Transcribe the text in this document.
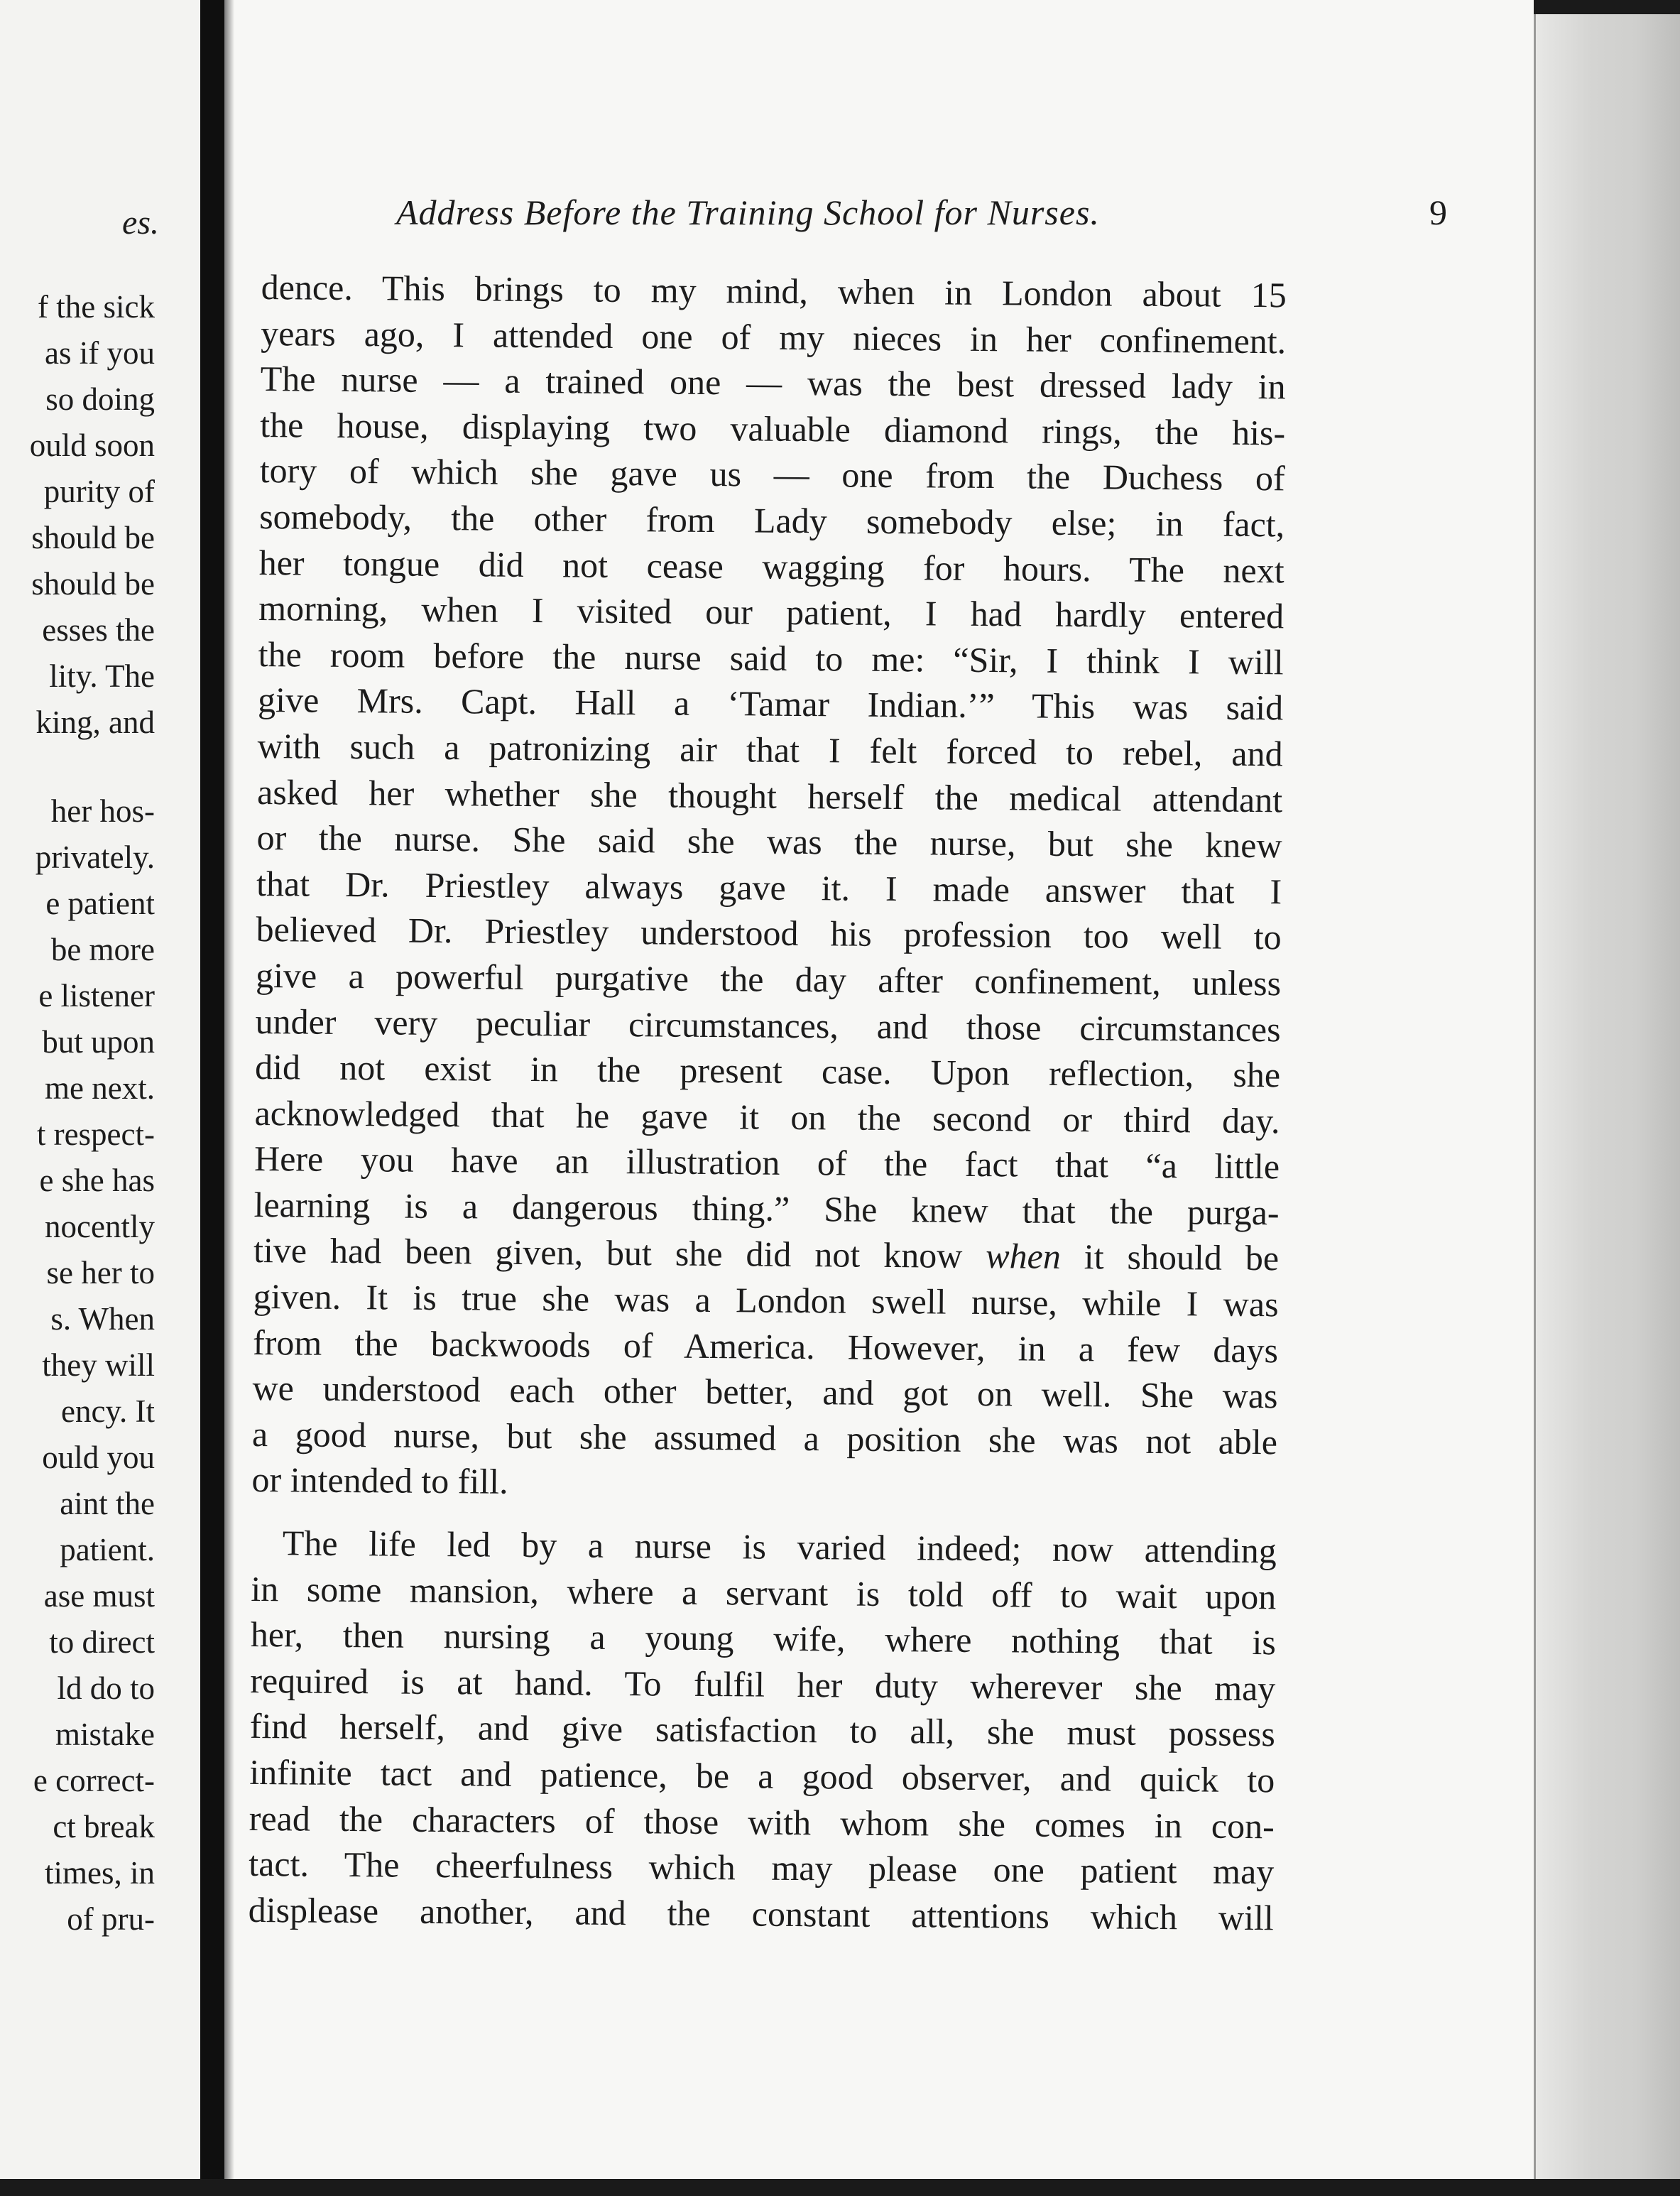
es.
f the sick
as if you
so doing
ould soon
purity of
should be
should be
esses the
lity. The
king, and
her hos-
privately.
e patient
be more
e listener
but upon
me next.
t respect-
e she has
nocently
se her to
s. When
they will
ency. It
ould you
aint the
patient.
ase must
to direct
ld do to
mistake
e correct-
ct break
times, in
of pru-
Address Before the Training School for Nurses.	9

dence. This brings to my mind, when in London about 15
years ago, I attended one of my nieces in her confinement.
The nurse — a trained one — was the best dressed lady in
the house, displaying two valuable diamond rings, the his-
tory of which she gave us — one from the Duchess of
somebody, the other from Lady somebody else; in fact,
her tongue did not cease wagging for hours. The next
morning, when I visited our patient, I had hardly entered
the room before the nurse said to me: “Sir, I think I will
give Mrs. Capt. Hall a ‘Tamar Indian.’” This was said
with such a patronizing air that I felt forced to rebel, and
asked her whether she thought herself the medical attendant
or the nurse. She said she was the nurse, but she knew
that Dr. Priestley always gave it. I made answer that I
believed Dr. Priestley understood his profession too well to
give a powerful purgative the day after confinement, unless
under very peculiar circumstances, and those circumstances
did not exist in the present case. Upon reflection, she
acknowledged that he gave it on the second or third day.
Here you have an illustration of the fact that “a little
learning is a dangerous thing.” She knew that the purga-
tive had been given, but she did not know when it should be
given. It is true she was a London swell nurse, while I was
from the backwoods of America. However, in a few days
we understood each other better, and got on well. She was
a good nurse, but she assumed a position she was not able
or intended to fill.

The life led by a nurse is varied indeed; now attending
in some mansion, where a servant is told off to wait upon
her, then nursing a young wife, where nothing that is
required is at hand. To fulfil her duty wherever she may
find herself, and give satisfaction to all, she must possess
infinite tact and patience, be a good observer, and quick to
read the characters of those with whom she comes in con-
tact. The cheerfulness which may please one patient may
displease another, and the constant attentions which will
